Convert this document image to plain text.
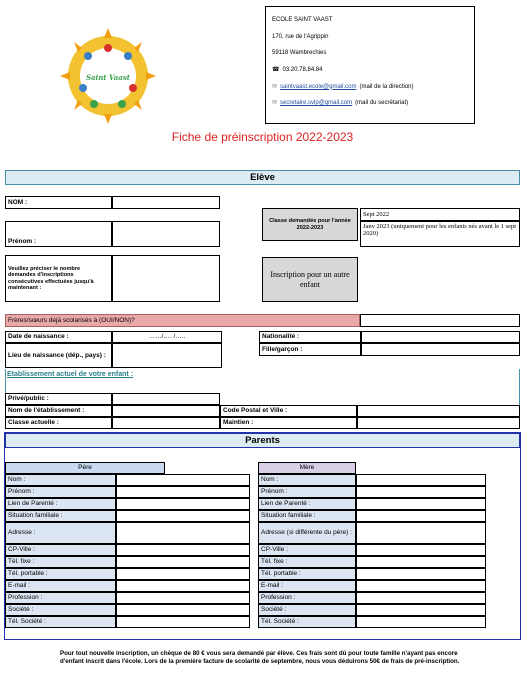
Saint Vaast
ECOLE SAINT VAAST
170, rue de l'Agrippin
59118 Wambrechies
☎ 03.20.78.84.84
✉ saintvaast.ecole@gmail.com (mail de la direction)
✉ secretaire.svlp@gmail.com (mail du secrétariat)
Fiche de préinscription 2022-2023
Elève
NOM :
Prénom :
Classe demandée pour l'année 2022-2023
Sept 2022
Janv 2023 (uniquement pour les enfants nés avant le 1 sept 2020)
Veuillez préciser le nombre demandes d'inscriptions consécutives effectuées jusqu'à maintenant :
Inscription pour un autre enfant
Frères/sœurs déjà scolarisés à (OUI/NON)?
Date de naissance :	……/…. /…..	Nationalité :
Lieu de naissance (dép., pays) :
Fille/garçon :
Etablissement actuel de votre enfant :
Privé/public :
Nom de l'établissement :	Code Postal et Ville :
Classe actuelle :	Maintien :
Parents
Père	Mère
Nom :
Prénom :
Lien de Parenté :
Situation familiale :
Adresse :
CP-Ville :
Tél. fixe :
Tél. portable :
E-mail :
Profession :
Société :
Tél. Société :
Nom :
Prénom :
Lien de Parenté :
Situation familiale :
Adresse (si différente du père) :
CP-Ville :
Tél. fixe :
Tél. portable :
E-mail :
Profession :
Société :
Tél. Société :
Pour tout nouvelle inscription, un chèque de 80 € vous sera demandé par élève. Ces frais sont dû pour toute famille n'ayant pas encore d'enfant inscrit dans l'école. Lors de la première facture de scolarité de septembre, nous vous déduirons 50€ de frais de pré-inscription.
